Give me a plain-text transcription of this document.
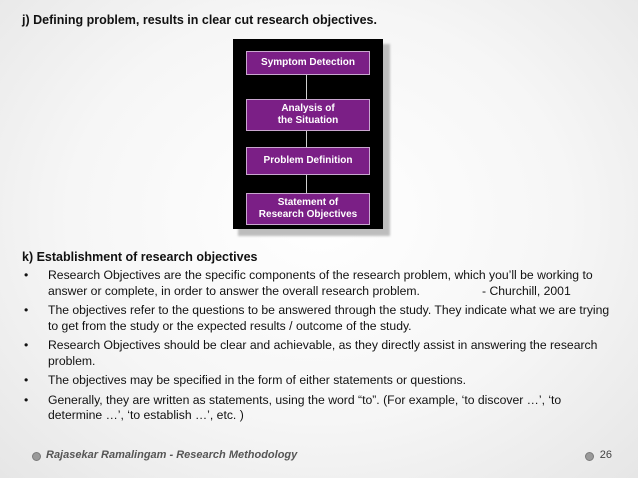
j) Defining problem, results in clear cut research objectives.
Symptom Detection
Analysis of
the Situation
Problem Definition
Statement of
Research Objectives
k) Establishment of research objectives
• Research Objectives are the specific components of the research problem, which you’ll be working to answer or complete, in order to answer the overall research problem.	- Churchill, 2001
• The objectives refer to the questions to be answered through the study. They indicate what we are trying to get from the study or the expected results / outcome of the study.
• Research Objectives should be clear and achievable, as they directly assist in answering the research problem.
• The objectives may be specified in the form of either statements or questions.
• Generally, they are written as statements, using the word “to”. (For example, ‘to discover …’, ‘to determine …’, ‘to establish …’, etc. )
Rajasekar Ramalingam - Research Methodology	26
